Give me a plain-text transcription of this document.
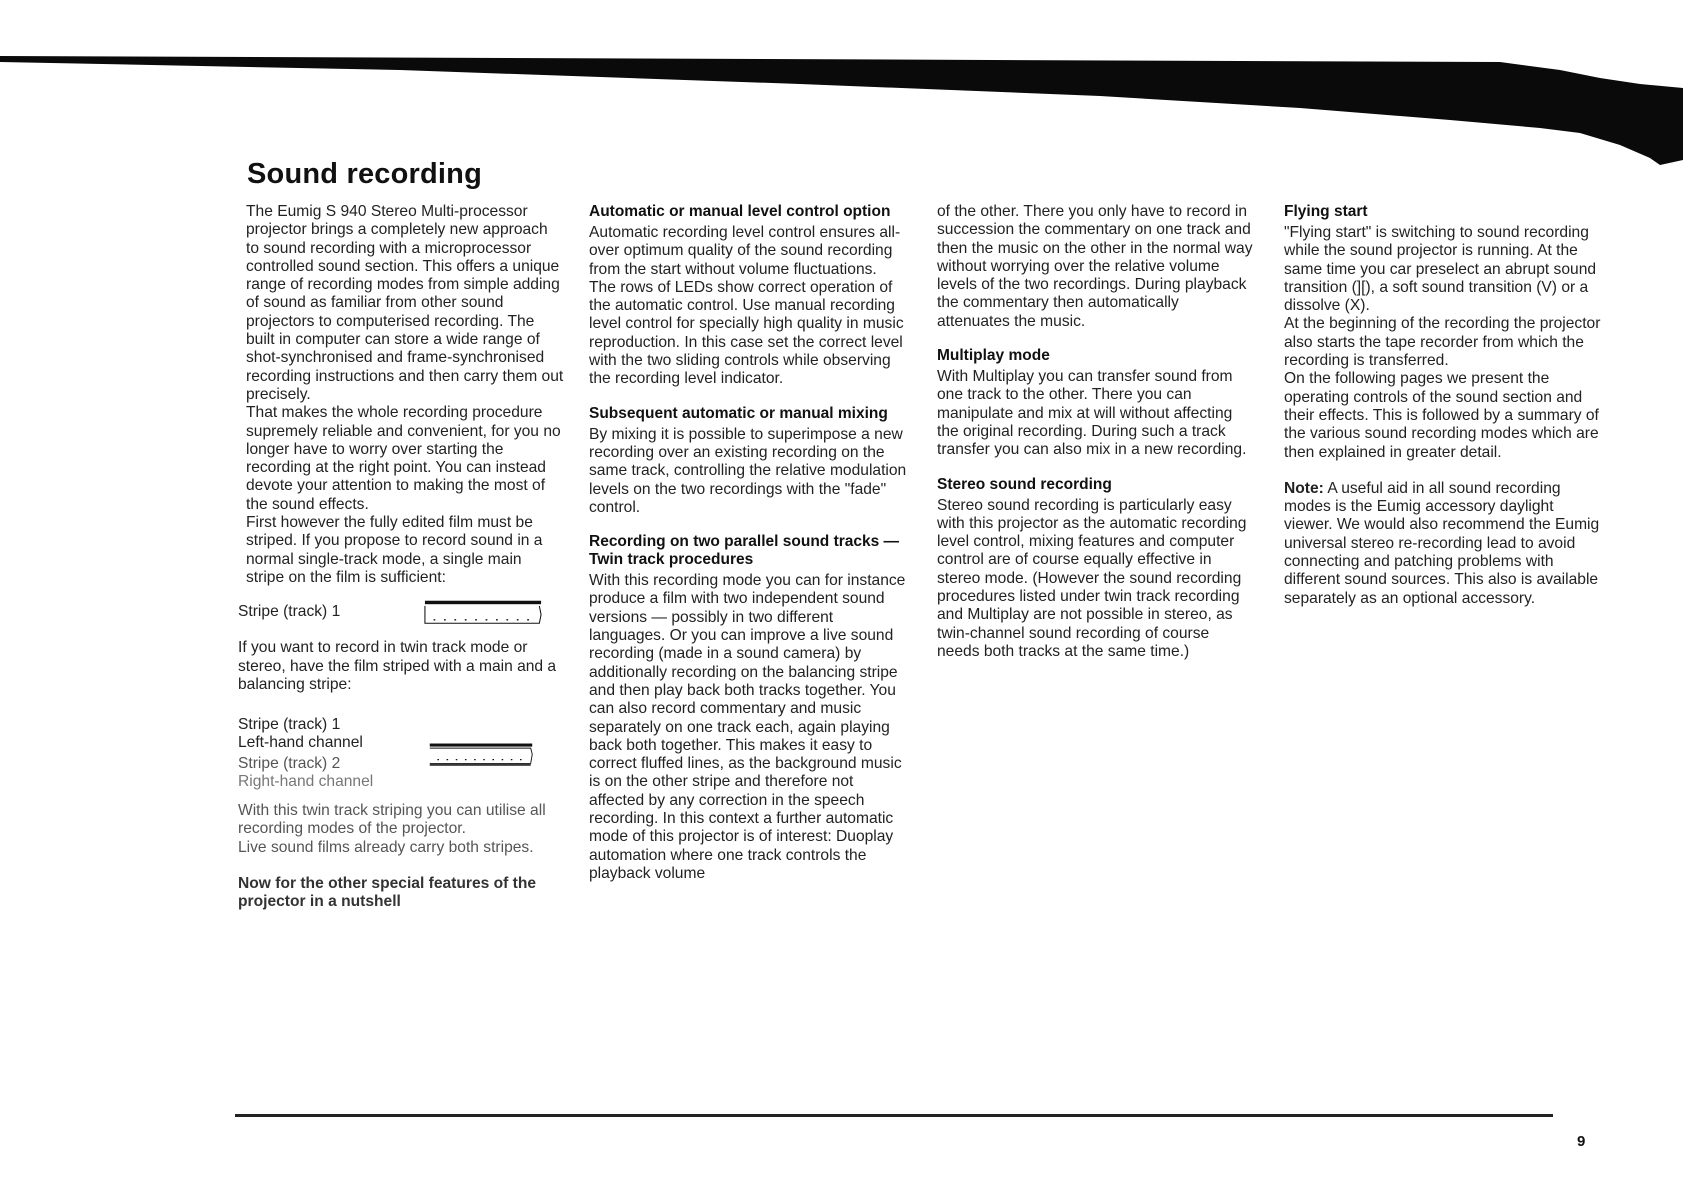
Sound recording

The Eumig S 940 Stereo Multi-processor projector brings a completely new approach to sound recording with a microprocessor controlled sound section. This offers a unique range of recording modes from simple adding of sound as familiar from other sound projectors to computerised recording. The built in computer can store a wide range of shot-synchronised and frame-synchronised recording instructions and then carry them out precisely.

That makes the whole recording procedure supremely reliable and convenient, for you no longer have to worry over starting the recording at the right point. You can instead devote your attention to making the most of the sound effects.

First however the fully edited film must be striped. If you propose to record sound in a normal single-track mode, a single main stripe on the film is sufficient:

Stripe (track) 1

If you want to record in twin track mode or stereo, have the film striped with a main and a balancing stripe:

Stripe (track) 1
Left-hand channel
Stripe (track) 2
Right-hand channel

With this twin track striping you can utilise all recording modes of the projector.

Live sound films already carry both stripes.

Now for the other special features of the projector in a nutshell

Automatic or manual level control option

Automatic recording level control ensures all-over optimum quality of the sound recording from the start without volume fluctuations.

The rows of LEDs show correct operation of the automatic control. Use manual recording level control for specially high quality in music reproduction. In this case set the correct level with the two sliding controls while observing the recording level indicator.

Subsequent automatic or manual mixing

By mixing it is possible to superimpose a new recording over an existing recording on the same track, controlling the relative modulation levels on the two recordings with the "fade" control.

Recording on two parallel sound tracks — Twin track procedures

With this recording mode you can for instance produce a film with two independent sound versions — possibly in two different languages. Or you can improve a live sound recording (made in a sound camera) by additionally recording on the balancing stripe and then play back both tracks together. You can also record commentary and music separately on one track each, again playing back both together. This makes it easy to correct fluffed lines, as the background music is on the other stripe and therefore not affected by any correction in the speech recording. In this context a further automatic mode of this projector is of interest: Duoplay automation where one track controls the playback volume

of the other. There you only have to record in succession the commentary on one track and then the music on the other in the normal way without worrying over the relative volume levels of the two recordings. During playback the commentary then automatically attenuates the music.

Multiplay mode

With Multiplay you can transfer sound from one track to the other. There you can manipulate and mix at will without affecting the original recording. During such a track transfer you can also mix in a new recording.

Stereo sound recording

Stereo sound recording is particularly easy with this projector as the automatic recording level control, mixing features and computer control are of course equally effective in stereo mode. (However the sound recording procedures listed under twin track recording and Multiplay are not possible in stereo, as twin-channel sound recording of course needs both tracks at the same time.)

Flying start

"Flying start" is switching to sound recording while the sound projector is running. At the same time you car preselect an abrupt sound transition (][), a soft sound transition (V) or a dissolve (X).

At the beginning of the recording the projector also starts the tape recorder from which the recording is transferred.

On the following pages we present the operating controls of the sound section and their effects. This is followed by a summary of the various sound recording modes which are then explained in greater detail.

Note: A useful aid in all sound recording modes is the Eumig accessory daylight viewer. We would also recommend the Eumig universal stereo re-recording lead to avoid connecting and patching problems with different sound sources. This also is available separately as an optional accessory.

9
